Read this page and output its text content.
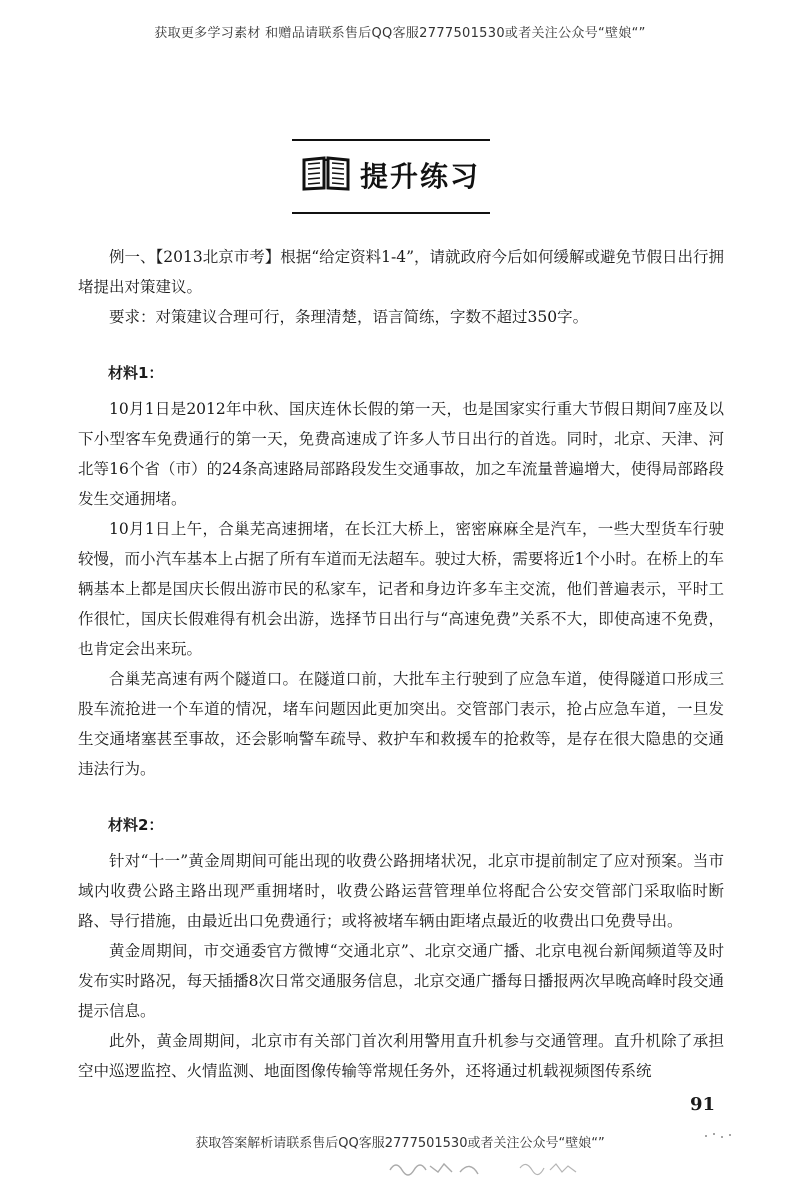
获取更多学习素材 和赠品请联系售后QQ客服2777501530或者关注公众号“壁娘“”
提升练习

例一、【2013北京市考】根据“给定资料1-4”，请就政府今后如何缓解或避免节假日出行拥堵提出对策建议。

要求：对策建议合理可行，条理清楚，语言简练，字数不超过350字。

材料1：

10月1日是2012年中秋、国庆连休长假的第一天，也是国家实行重大节假日期间7座及以下小型客车免费通行的第一天，免费高速成了许多人节日出行的首选。同时，北京、天津、河北等16个省（市）的24条高速路局部路段发生交通事故，加之车流量普遍增大，使得局部路段发生交通拥堵。

10月1日上午，合巢芜高速拥堵，在长江大桥上，密密麻麻全是汽车，一些大型货车行驶较慢，而小汽车基本上占据了所有车道而无法超车。驶过大桥，需要将近1个小时。在桥上的车辆基本上都是国庆长假出游市民的私家车，记者和身边许多车主交流，他们普遍表示，平时工作很忙，国庆长假难得有机会出游，选择节日出行与“高速免费”关系不大，即使高速不免费，也肯定会出来玩。

合巢芜高速有两个隧道口。在隧道口前，大批车主行驶到了应急车道，使得隧道口形成三股车流抢进一个车道的情况，堵车问题因此更加突出。交管部门表示，抢占应急车道，一旦发生交通堵塞甚至事故，还会影响警车疏导、救护车和救援车的抢救等，是存在很大隐患的交通违法行为。

材料2：

针对“十一”黄金周期间可能出现的收费公路拥堵状况，北京市提前制定了应对预案。当市域内收费公路主路出现严重拥堵时，收费公路运营管理单位将配合公安交管部门采取临时断路、导行措施，由最近出口免费通行；或将被堵车辆由距堵点最近的收费出口免费导出。

黄金周期间，市交通委官方微博“交通北京”、北京交通广播、北京电视台新闻频道等及时发布实时路况，每天插播8次日常交通服务信息，北京交通广播每日播报两次早晚高峰时段交通提示信息。

此外，黄金周期间，北京市有关部门首次利用警用直升机参与交通管理。直升机除了承担空中巡逻监控、火情监测、地面图像传输等常规任务外，还将通过机载视频图传系统

91
获取答案解析请联系售后QQ客服2777501530或者关注公众号“壁娘“”
